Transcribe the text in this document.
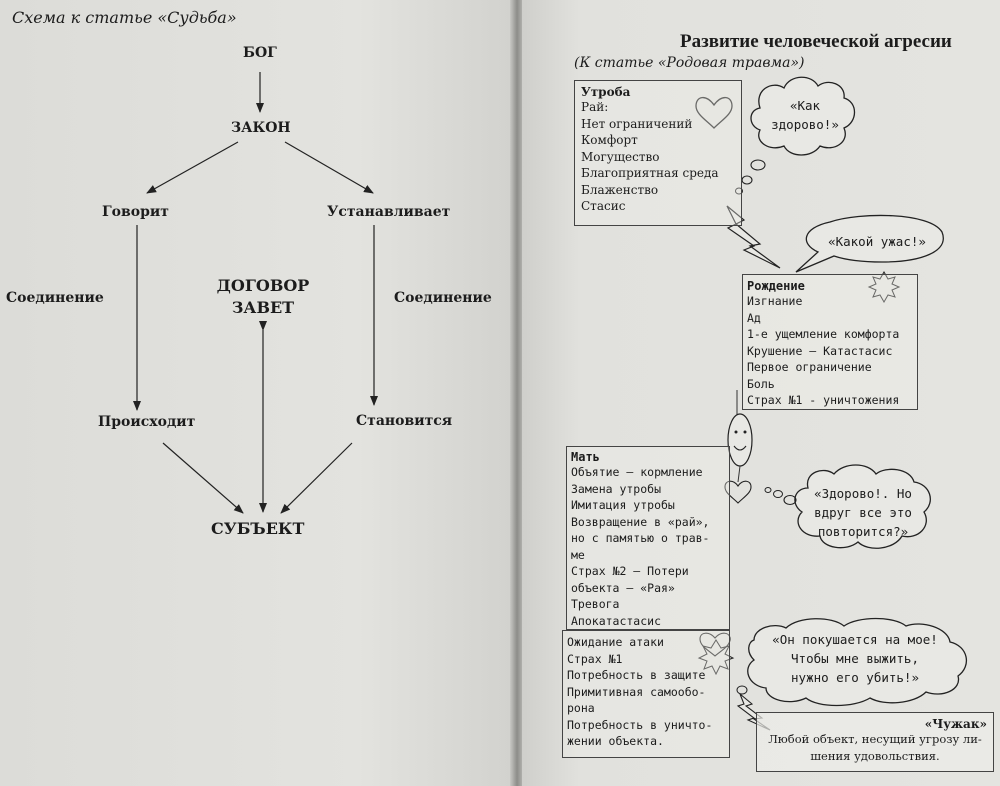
Схема к статье «Судьба»
БОГ
ЗАКОН
Говорит	Устанавливает
ДОГОВОР
ЗАВЕТ
Соединение	Соединение
Происходит	Становится
СУБЪЕКТ
Развитие человеческой агресии
(К статье «Родовая травма»)

Утроба

Рай:

Нет ограничений

Комфорт

Могущество

Благоприятная среда

Блаженство

Стасис

«Как
здорово!»
«Какой ужас!»

Рождение

Изгнание

Ад

1-е ущемление комфорта

Крушение – Катастасис

Первое ограничение

Боль

Страх №1 - уничтожения

Мать

Объятие – кормление

Замена утробы

Имитация утробы

Возвращение в «рай»,

но с памятью о трав-

ме

Страх №2 – Потери

объекта – «Рая»

Тревога

Апокатастасис

«Здорово!. Но
вдруг все это
повторится?»

Ожидание атаки

Страх №1

Потребность в защите

Примитивная самообо-

рона

Потребность в уничто-

жении объекта.

«Он покушается на мое!
Чтобы мне выжить,
нужно его убить!»

«Чужак»

Любой объект, несущий угрозу ли-

шения удовольствия.
